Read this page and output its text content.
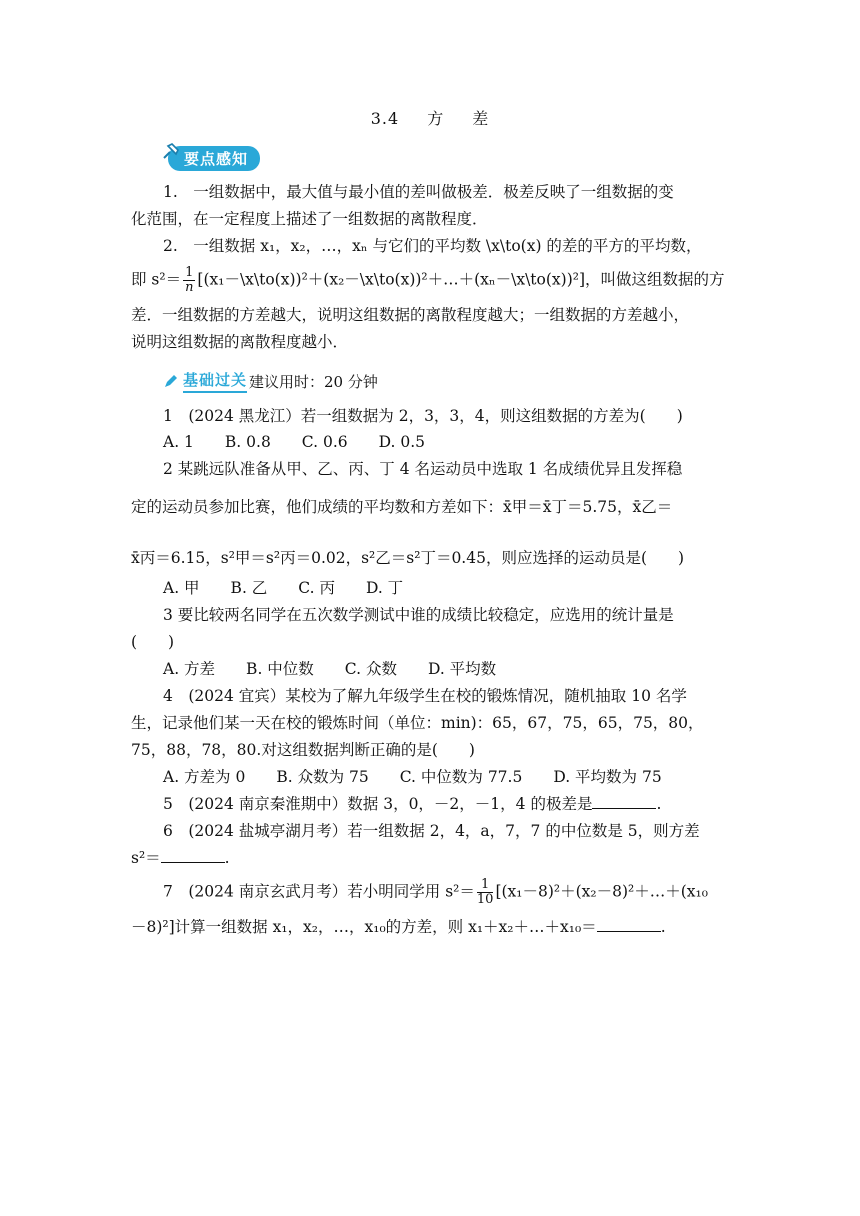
3.4 方 差
要点感知
1.　一组数据中，最大值与最小值的差叫做极差．极差反映了一组数据的变
化范围，在一定程度上描述了一组数据的离散程度．
2.　一组数据 x₁，x₂，…，xₙ 与它们的平均数 \x\to(x) 的差的平方的平均数，
即 $s^2= \frac{1}{n}$ [(x₁－\x\to(x))²＋(x₂－\x\to(x))²＋…＋(xₙ－\x\to(x))²]，叫做这组数据的方
差．一组数据的方差越大，说明这组数据的离散程度越大；一组数据的方差越小，
说明这组数据的离散程度越小．
基础过关 建议用时：20 分钟
1　(2024 黑龙江）若一组数据为 2，3，3，4，则这组数据的方差为(　　)
A. 1　　B. 0.8　　C. 0.6　　D. 0.5
2 某跳远队准备从甲、乙、丙、丁 4 名运动员中选取 1 名成绩优异且发挥稳
定的运动员参加比赛，他们成绩的平均数和方差如下：x̄甲＝x̄丁＝5.75，x̄乙＝
x̄丙＝6.15，s²甲＝s²丙＝0.02，s²乙＝s²丁＝0.45，则应选择的运动员是(　　)
A. 甲　　B. 乙　　C. 丙　　D. 丁
3 要比较两名同学在五次数学测试中谁的成绩比较稳定，应选用的统计量是
(　　)
A. 方差　　B. 中位数　　C. 众数　　D. 平均数
4　(2024 宜宾）某校为了解九年级学生在校的锻炼情况，随机抽取 10 名学
生，记录他们某一天在校的锻炼时间（单位：min)：65，67，75，65，75，80，
75，88，78，80.对这组数据判断正确的是(　　)
A. 方差为 0　　B. 众数为 75　　C. 中位数为 77.5　　D. 平均数为 75
5　(2024 南京秦淮期中）数据 3，0，－2，－1，4 的极差是	.
6　(2024 盐城亭湖月考）若一组数据 2，4，a，7，7 的中位数是 5，则方差
s²＝	.
7　(2024 南京玄武月考）若小明同学用 $s^2= \frac{1}{10}$ [(x₁－8)²＋(x₂－8)²＋…＋(x₁₀
－8)²]计算一组数据 x₁，x₂，…，x₁₀的方差，则 x₁＋x₂＋…＋x₁₀＝	.
